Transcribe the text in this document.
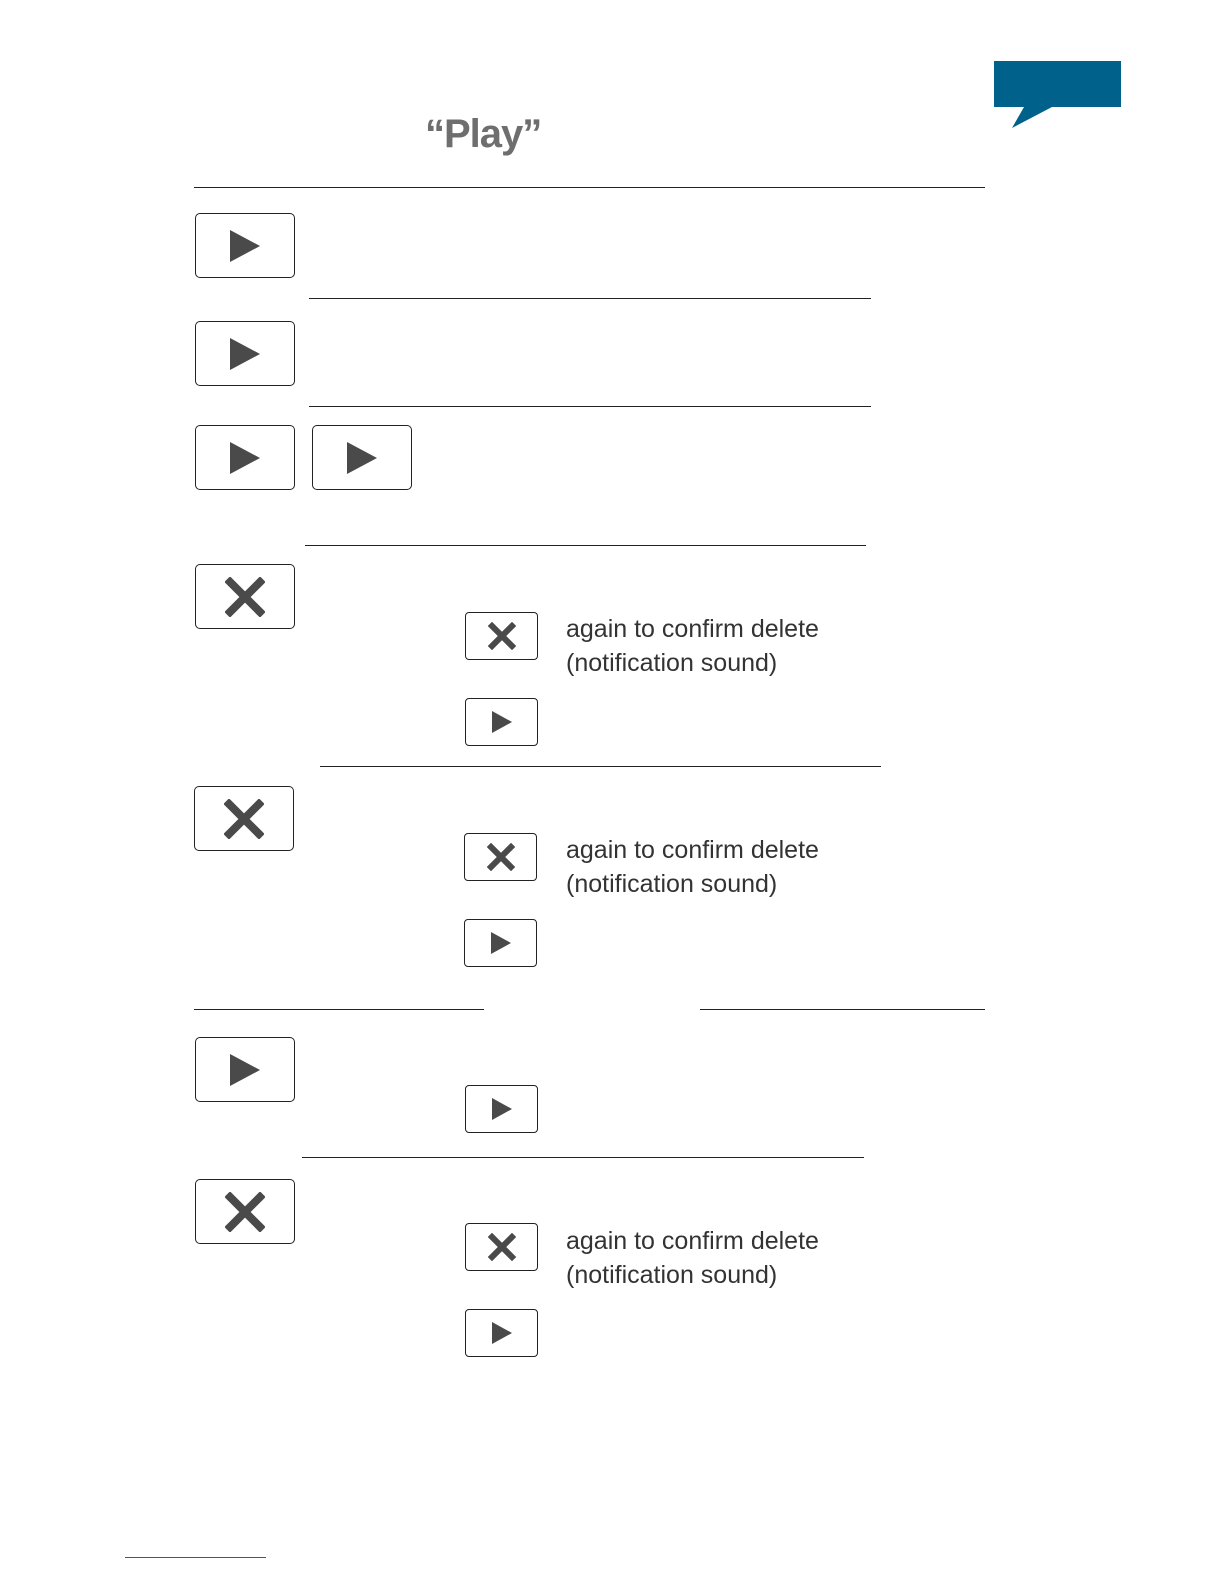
“Play”
again to confirm delete
(notification sound)
again to confirm delete
(notification sound)
again to confirm delete
(notification sound)
